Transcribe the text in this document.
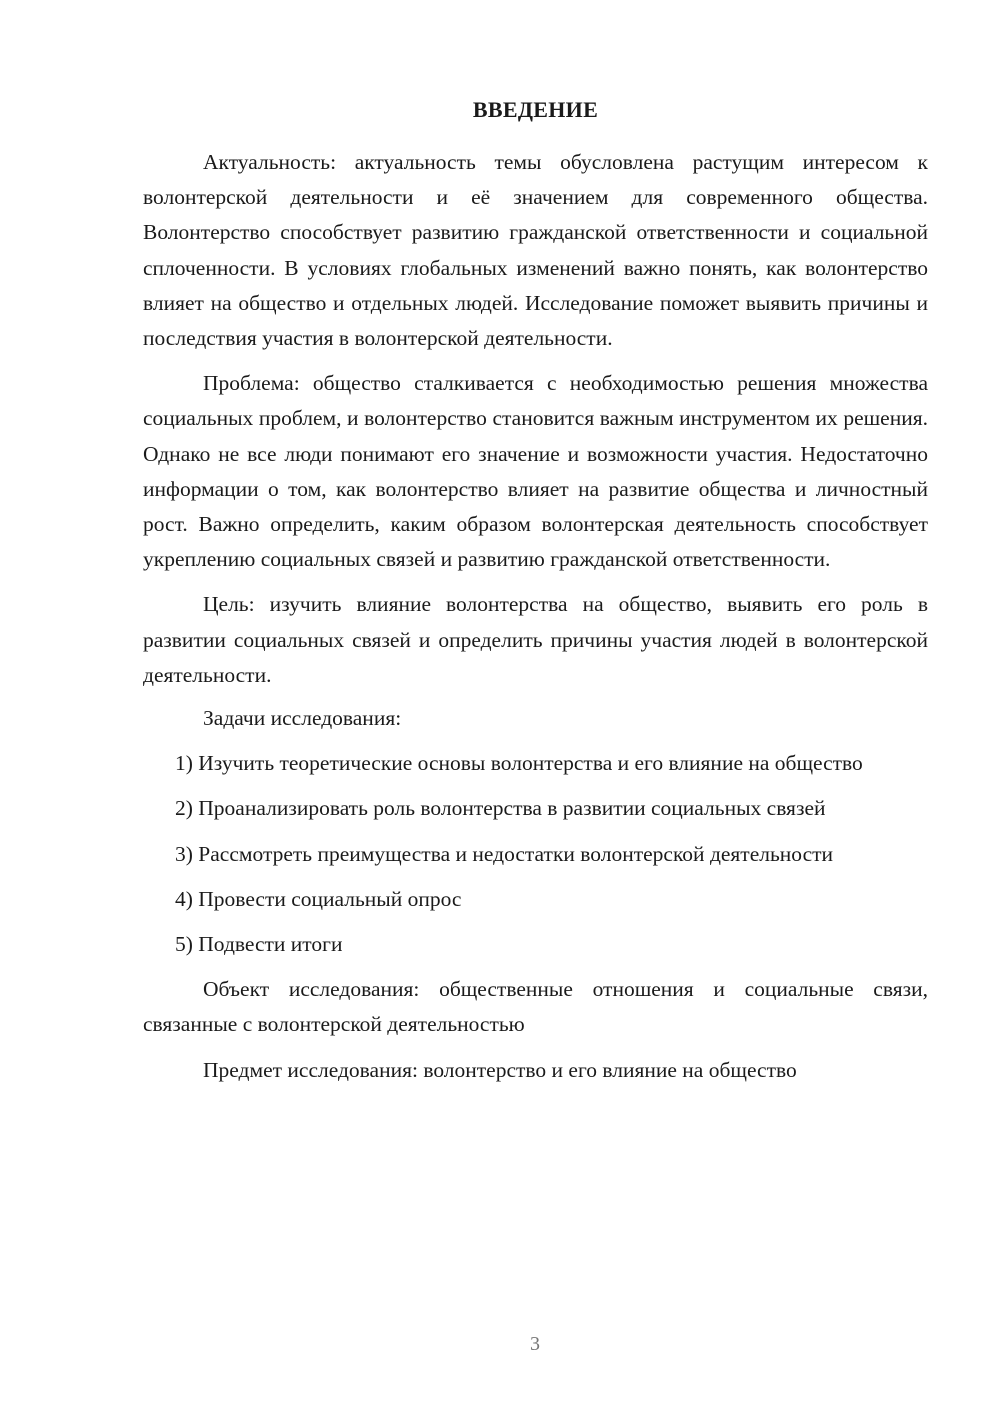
ВВЕДЕНИЕ

Актуальность: актуальность темы обусловлена растущим интересом к волонтерской деятельности и её значением для современного общества. Волонтерство способствует развитию гражданской ответственности и социальной сплоченности. В условиях глобальных изменений важно понять, как волонтерство влияет на общество и отдельных людей. Исследование поможет выявить причины и последствия участия в волонтерской деятельности.

Проблема: общество сталкивается с необходимостью решения множества социальных проблем, и волонтерство становится важным инструментом их решения. Однако не все люди понимают его значение и возможности участия. Недостаточно информации о том, как волонтерство влияет на развитие общества и личностный рост. Важно определить, каким образом волонтерская деятельность способствует укреплению социальных связей и развитию гражданской ответственности.

Цель: изучить влияние волонтерства на общество, выявить его роль в развитии социальных связей и определить причины участия людей в волонтерской деятельности.

Задачи исследования:

1) Изучить теоретические основы волонтерства и его влияние на общество

2) Проанализировать роль волонтерства в развитии социальных связей

3) Рассмотреть преимущества и недостатки волонтерской деятельности

4) Провести социальный опрос

5) Подвести итоги

Объект исследования: общественные отношения и социальные связи, связанные с волонтерской деятельностью

Предмет исследования: волонтерство и его влияние на общество

3
